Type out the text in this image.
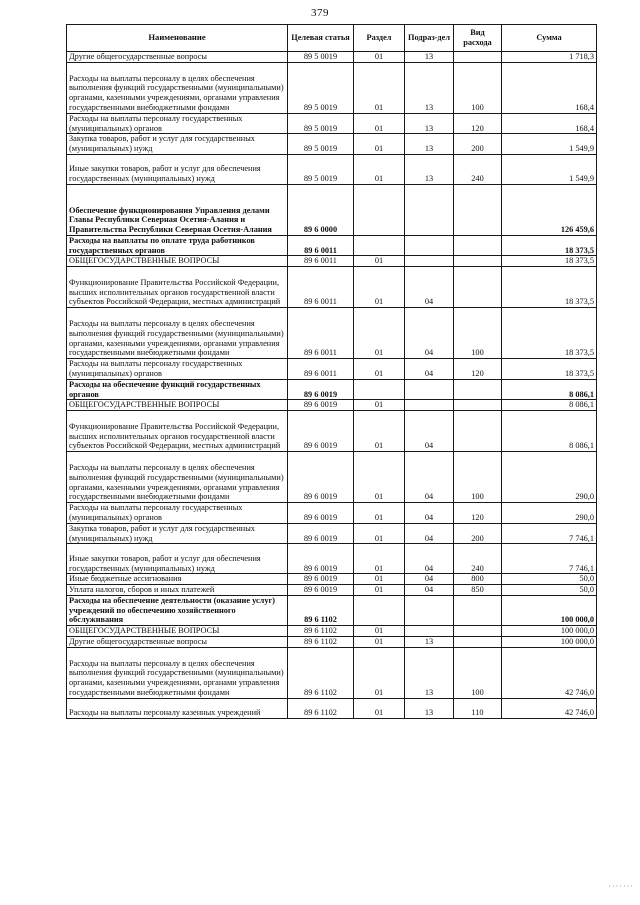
379
Наименование	Целевая статья	Раздел	Подраз-дел	Вид расхода	Сумма
Другие общегосударственные вопросы	89 5 0019	01	13		1 718,3
Расходы на выплаты персоналу в целях обеспечения выполнения функций государственными (муниципальными) органами, казенными учреждениями, органами управления государственными внебюджетными фондами	89 5 0019	01	13	100	168,4
Расходы на выплаты персоналу государственных (муниципальных) органов	89 5 0019	01	13	120	168,4
Закупка товаров, работ и услуг для государственных (муниципальных) нужд	89 5 0019	01	13	200	1 549,9
Иные закупки товаров, работ и услуг для обеспечения государственных (муниципальных) нужд	89 5 0019	01	13	240	1 549,9
Обеспечение функционирования Управления делами Главы Республики Северная Осетия-Алания и Правительства Республики Северная Осетия-Алания	89 6 0000				126 459,6
Расходы на выплаты по оплате труда работников государственных органов	89 6 0011				18 373,5
ОБЩЕГОСУДАРСТВЕННЫЕ ВОПРОСЫ	89 6 0011	01			18 373,5
Функционирование Правительства Российской Федерации, высших исполнительных органов государственной власти субъектов Российской Федерации, местных администраций	89 6 0011	01	04		18 373,5
Расходы на выплаты персоналу в целях обеспечения выполнения функций государственными (муниципальными) органами, казенными учреждениями, органами управления государственными внебюджетными фондами	89 6 0011	01	04	100	18 373,5
Расходы на выплаты персоналу государственных (муниципальных) органов	89 6 0011	01	04	120	18 373,5
Расходы на обеспечение функций государственных органов	89 6 0019				8 086,1
ОБЩЕГОСУДАРСТВЕННЫЕ ВОПРОСЫ	89 6 0019	01			8 086,1
Функционирование Правительства Российской Федерации, высших исполнительных органов государственной власти субъектов Российской Федерации, местных администраций	89 6 0019	01	04		8 086,1
Расходы на выплаты персоналу в целях обеспечения выполнения функций государственными (муниципальными) органами, казенными учреждениями, органами управления государственными внебюджетными фондами	89 6 0019	01	04	100	290,0
Расходы на выплаты персоналу государственных (муниципальных) органов	89 6 0019	01	04	120	290,0
Закупка товаров, работ и услуг для государственных (муниципальных) нужд	89 6 0019	01	04	200	7 746,1
Иные закупки товаров, работ и услуг для обеспечения государственных (муниципальных) нужд	89 6 0019	01	04	240	7 746,1
Иные бюджетные ассигнования	89 6 0019	01	04	800	50,0
Уплата налогов, сборов и иных платежей	89 6 0019	01	04	850	50,0
Расходы на обеспечение деятельности (оказание услуг) учреждений по обеспечению хозяйственного обслуживания	89 6 1102				100 000,0
ОБЩЕГОСУДАРСТВЕННЫЕ ВОПРОСЫ	89 6 1102	01			100 000,0
Другие общегосударственные вопросы	89 6 1102	01	13		100 000,0
Расходы на выплаты персоналу в целях обеспечения выполнения функций государственными (муниципальными) органами, казенными учреждениями, органами управления государственными внебюджетными фондами	89 6 1102	01	13	100	42 746,0
Расходы на выплаты персоналу казенных учреждений	89 6 1102	01	13	110	42 746,0
·······
